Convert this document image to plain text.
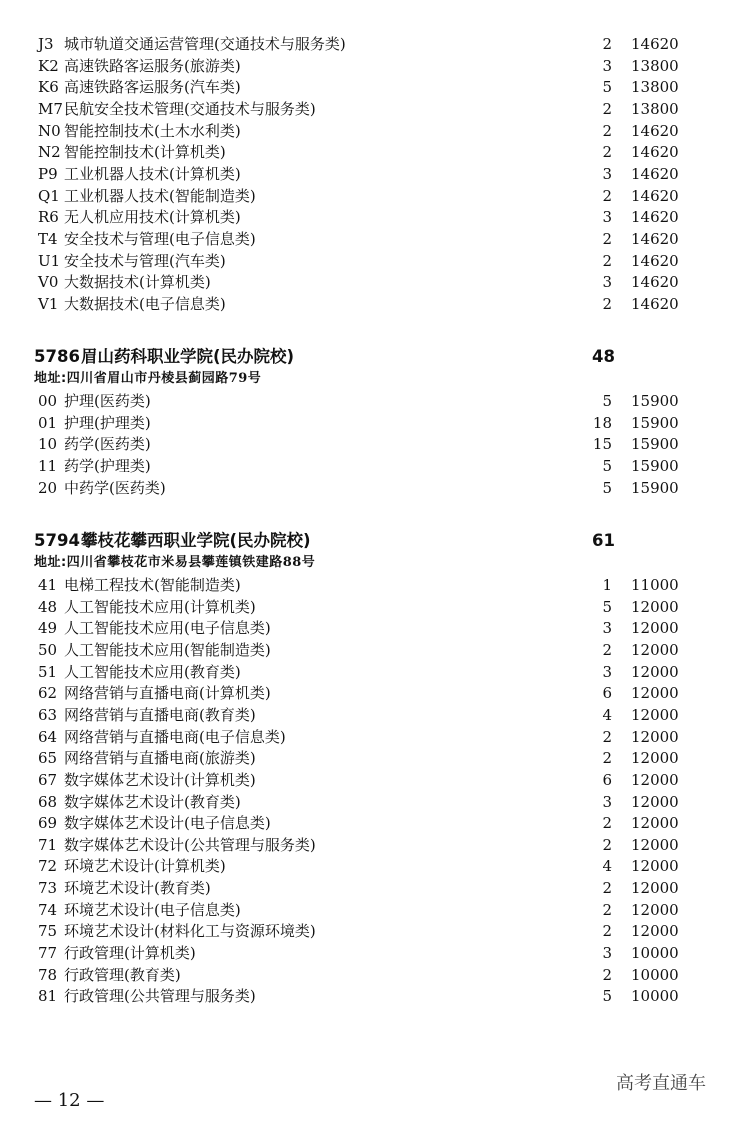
J3 城市轨道交通运营管理(交通技术与服务类)	2 14620
K2 高速铁路客运服务(旅游类)	3 13800
K6 高速铁路客运服务(汽车类)	5 13800
M7 民航安全技术管理(交通技术与服务类)	2 13800
N0 智能控制技术(土木水利类)	2 14620
N2 智能控制技术(计算机类)	2 14620
P9 工业机器人技术(计算机类)	3 14620
Q1 工业机器人技术(智能制造类)	2 14620
R6 无人机应用技术(计算机类)	3 14620
T4 安全技术与管理(电子信息类)	2 14620
U1 安全技术与管理(汽车类)	2 14620
V0 大数据技术(计算机类)	3 14620
V1 大数据技术(电子信息类)	2 14620
5786 眉山药科职业学院(民办院校)	48
地址:四川省眉山市丹棱县蓟园路79号
00 护理(医药类)	5 15900
01 护理(护理类)	18 15900
10 药学(医药类)	15 15900
11 药学(护理类)	5 15900
20 中药学(医药类)	5 15900
5794 攀枝花攀西职业学院(民办院校)	61
地址:四川省攀枝花市米易县攀莲镇铁建路88号
41 电梯工程技术(智能制造类)	1 11000
48 人工智能技术应用(计算机类)	5 12000
49 人工智能技术应用(电子信息类)	3 12000
50 人工智能技术应用(智能制造类)	2 12000
51 人工智能技术应用(教育类)	3 12000
62 网络营销与直播电商(计算机类)	6 12000
63 网络营销与直播电商(教育类)	4 12000
64 网络营销与直播电商(电子信息类)	2 12000
65 网络营销与直播电商(旅游类)	2 12000
67 数字媒体艺术设计(计算机类)	6 12000
68 数字媒体艺术设计(教育类)	3 12000
69 数字媒体艺术设计(电子信息类)	2 12000
71 数字媒体艺术设计(公共管理与服务类)	2 12000
72 环境艺术设计(计算机类)	4 12000
73 环境艺术设计(教育类)	2 12000
74 环境艺术设计(电子信息类)	2 12000
75 环境艺术设计(材料化工与资源环境类)	2 12000
77 行政管理(计算机类)	3 10000
78 行政管理(教育类)	2 10000
81 行政管理(公共管理与服务类)	5 10000
— 12 —
高考直通车
